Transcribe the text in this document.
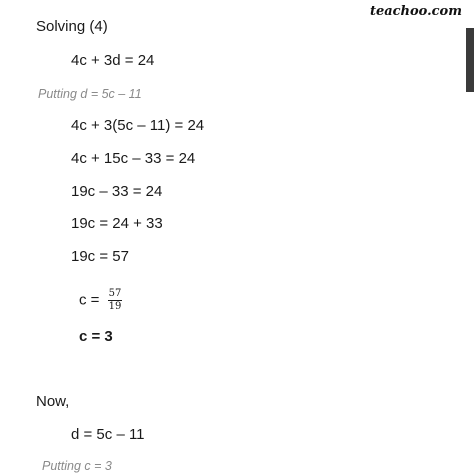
teachoo.com
Solving (4)
4c + 3d = 24
Putting d = 5c – 11
4c + 3(5c – 11) = 24
4c + 15c – 33 = 24
19c – 33 = 24
19c = 24 + 33
19c = 57
$c = \frac{57}{19}$
c = 3
Now,
d = 5c – 11
Putting c = 3
